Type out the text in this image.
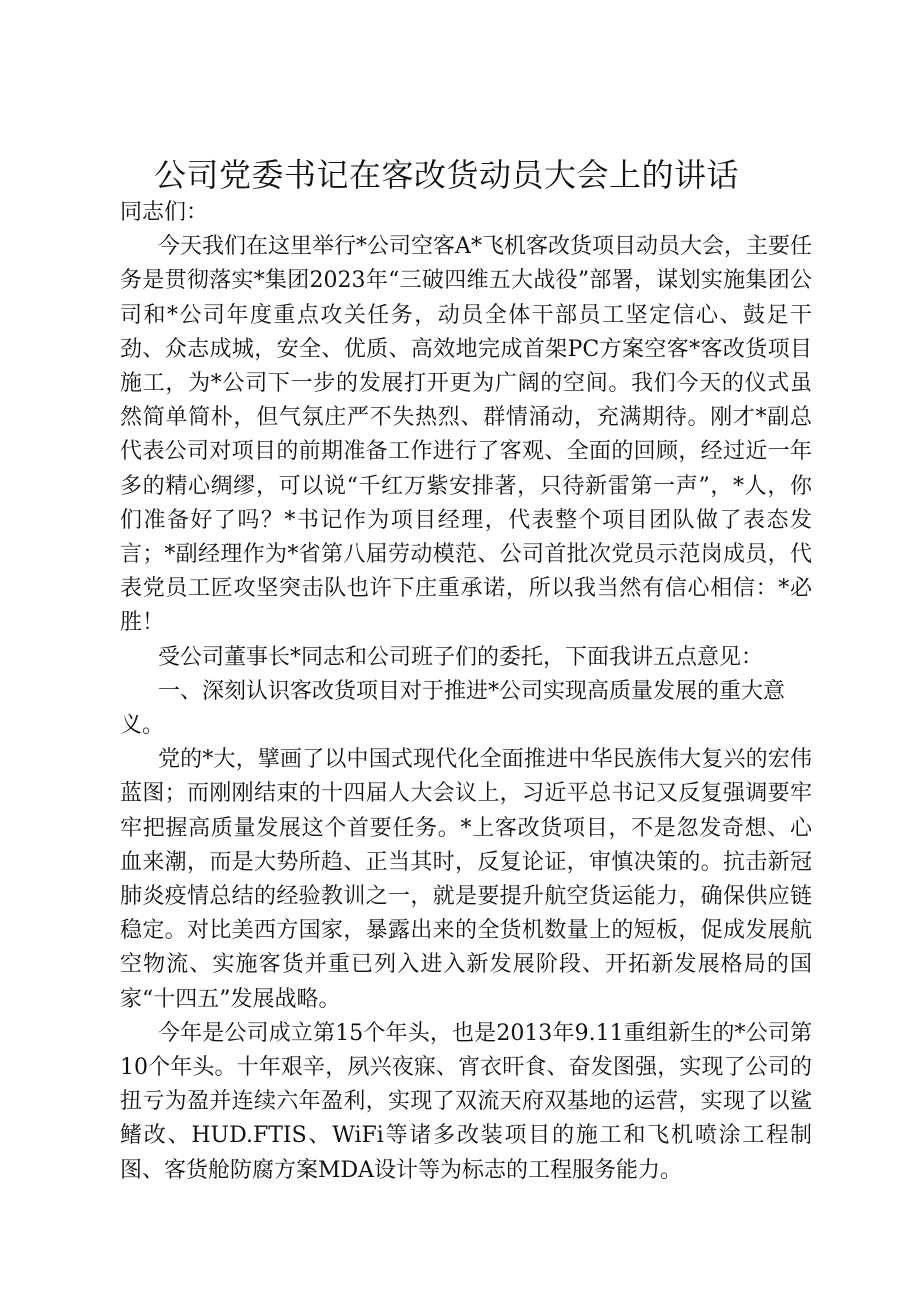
公司党委书记在客改货动员大会上的讲话

同志们：

今天我们在这里举行*公司空客A*飞机客改货项目动员大会，主要任务是贯彻落实*集团2023年“三破四维五大战役”部署，谋划实施集团公司和*公司年度重点攻关任务，动员全体干部员工坚定信心、鼓足干劲、众志成城，安全、优质、高效地完成首架PC方案空客*客改货项目施工，为*公司下一步的发展打开更为广阔的空间。我们今天的仪式虽然简单简朴，但气氛庄严不失热烈、群情涌动，充满期待。刚才*副总代表公司对项目的前期准备工作进行了客观、全面的回顾，经过近一年多的精心绸缪，可以说“千红万紫安排著，只待新雷第一声”，*人，你们准备好了吗？*书记作为项目经理，代表整个项目团队做了表态发言；*副经理作为*省第八届劳动模范、公司首批次党员示范岗成员，代表党员工匠攻坚突击队也许下庄重承诺，所以我当然有信心相信：*必胜！

受公司董事长*同志和公司班子们的委托，下面我讲五点意见：

一、深刻认识客改货项目对于推进*公司实现高质量发展的重大意义。

党的*大，擘画了以中国式现代化全面推进中华民族伟大复兴的宏伟蓝图；而刚刚结束的十四届人大会议上，习近平总书记又反复强调要牢牢把握高质量发展这个首要任务。*上客改货项目，不是忽发奇想、心血来潮，而是大势所趋、正当其时，反复论证，审慎决策的。抗击新冠肺炎疫情总结的经验教训之一，就是要提升航空货运能力，确保供应链稳定。对比美西方国家，暴露出来的全货机数量上的短板，促成发展航空物流、实施客货并重已列入进入新发展阶段、开拓新发展格局的国家“十四五”发展战略。

今年是公司成立第15个年头，也是2013年9.11重组新生的*公司第10个年头。十年艰辛，夙兴夜寐、宵衣旰食、奋发图强，实现了公司的扭亏为盈并连续六年盈利，实现了双流天府双基地的运营，实现了以鲨鳍改、HUD.FTIS、WiFi等诸多改装项目的施工和飞机喷涂工程制图、客货舱防腐方案MDA设计等为标志的工程服务能力。
